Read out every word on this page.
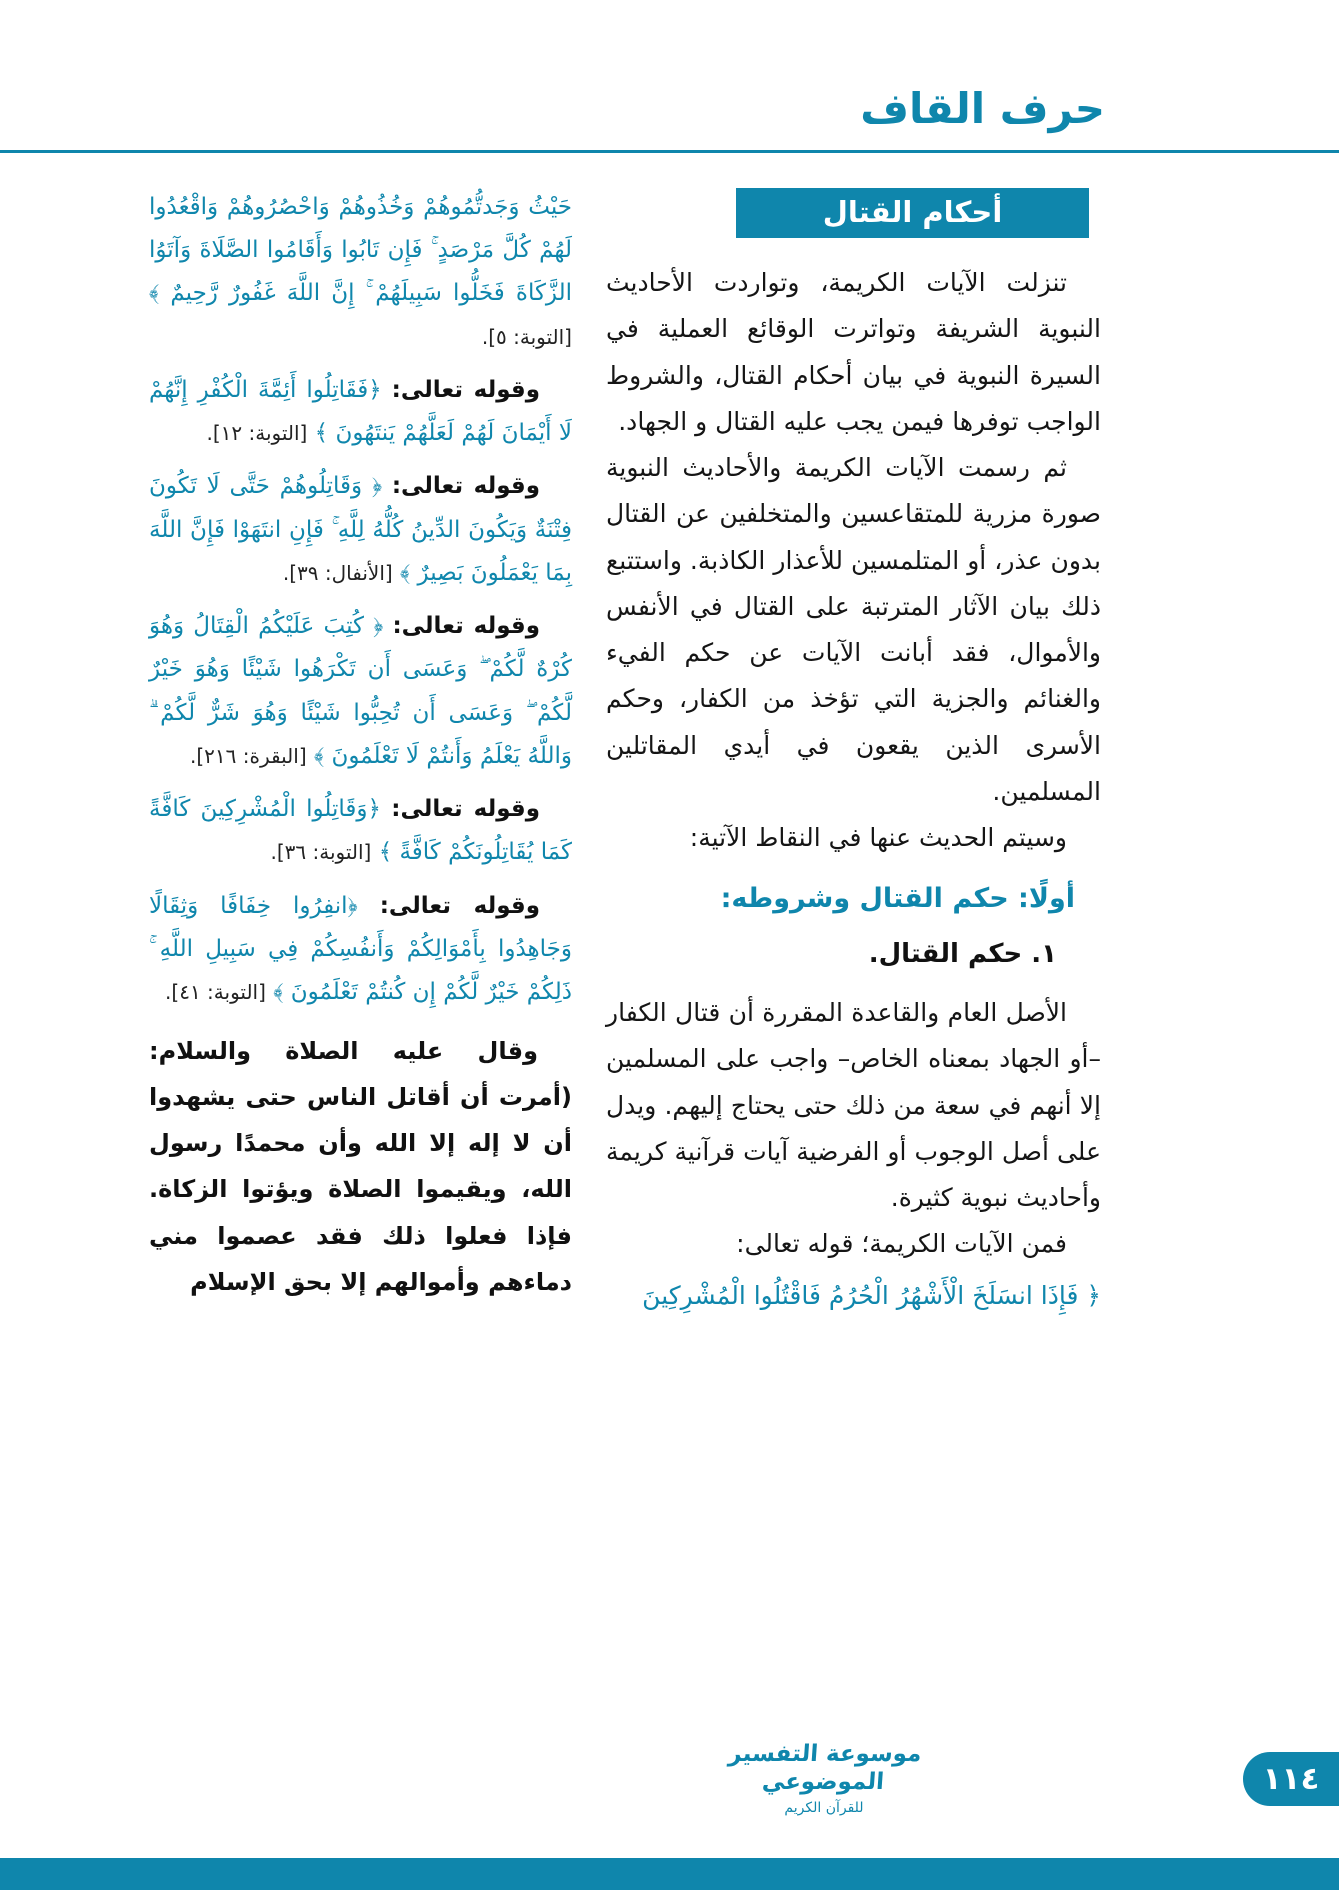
حرف القاف
أحكام القتال

تنزلت الآيات الكريمة، وتواردت الأحاديث النبوية الشريفة وتواترت الوقائع العملية في السيرة النبوية في بيان أحكام القتال، والشروط الواجب توفرها فيمن يجب عليه القتال و الجهاد.

ثم رسمت الآيات الكريمة والأحاديث النبوية صورة مزرية للمتقاعسين والمتخلفين عن القتال بدون عذر، أو المتلمسين للأعذار الكاذبة. واستتبع ذلك بيان الآثار المترتبة على القتال في الأنفس والأموال، فقد أبانت الآيات عن حكم الفيء والغنائم والجزية التي تؤخذ من الكفار، وحكم الأسرى الذين يقعون في أيدي المقاتلين المسلمين.

وسيتم الحديث عنها في النقاط الآتية:

أولًا: حكم القتال وشروطه:
١. حكم القتال.

الأصل العام والقاعدة المقررة أن قتال الكفار –أو الجهاد بمعناه الخاص– واجب على المسلمين إلا أنهم في سعة من ذلك حتى يحتاج إليهم. ويدل على أصل الوجوب أو الفرضية آيات قرآنية كريمة وأحاديث نبوية كثيرة.

فمن الآيات الكريمة؛ قوله تعالى:

﴿ فَإِذَا انسَلَخَ الْأَشْهُرُ الْحُرُمُ فَاقْتُلُوا الْمُشْرِكِينَ

حَيْثُ وَجَدتُّمُوهُمْ وَخُذُوهُمْ وَاحْصُرُوهُمْ وَاقْعُدُوا لَهُمْ كُلَّ مَرْصَدٍ ۚ فَإِن تَابُوا وَأَقَامُوا الصَّلَاةَ وَآتَوُا الزَّكَاةَ فَخَلُّوا سَبِيلَهُمْ ۚ إِنَّ اللَّهَ غَفُورٌ رَّحِيمٌ ﴾ [التوبة: ٥].

وقوله تعالى: ﴿فَقَاتِلُوا أَئِمَّةَ الْكُفْرِ إِنَّهُمْ لَا أَيْمَانَ لَهُمْ لَعَلَّهُمْ يَنتَهُونَ ﴾ [التوبة: ١٢].

وقوله تعالى: ﴿ وَقَاتِلُوهُمْ حَتَّى لَا تَكُونَ فِتْنَةٌ وَيَكُونَ الدِّينُ كُلُّهُ لِلَّهِ ۚ فَإِنِ انتَهَوْا فَإِنَّ اللَّهَ بِمَا يَعْمَلُونَ بَصِيرٌ ﴾ [الأنفال: ٣٩].

وقوله تعالى: ﴿ كُتِبَ عَلَيْكُمُ الْقِتَالُ وَهُوَ كُرْهٌ لَّكُمْ ۖ وَعَسَى أَن تَكْرَهُوا شَيْئًا وَهُوَ خَيْرٌ لَّكُمْ ۖ وَعَسَى أَن تُحِبُّوا شَيْئًا وَهُوَ شَرٌّ لَّكُمْ ۗ وَاللَّهُ يَعْلَمُ وَأَنتُمْ لَا تَعْلَمُونَ ﴾ [البقرة: ٢١٦].

وقوله تعالى: ﴿وَقَاتِلُوا الْمُشْرِكِينَ كَافَّةً كَمَا يُقَاتِلُونَكُمْ كَافَّةً ﴾ [التوبة: ٣٦].

وقوله تعالى: ﴿انفِرُوا خِفَافًا وَثِقَالًا وَجَاهِدُوا بِأَمْوَالِكُمْ وَأَنفُسِكُمْ فِي سَبِيلِ اللَّهِ ۚ ذَلِكُمْ خَيْرٌ لَّكُمْ إِن كُنتُمْ تَعْلَمُونَ ﴾ [التوبة: ٤١].

وقال عليه الصلاة والسلام: (أمرت أن أقاتل الناس حتى يشهدوا أن لا إله إلا الله وأن محمدًا رسول الله، ويقيموا الصلاة ويؤتوا الزكاة. فإذا فعلوا ذلك فقد عصموا مني دماءهم وأموالهم إلا بحق الإسلام

موسوعة التفسير الموضوعي
للقرآن الكريم
١١٤
